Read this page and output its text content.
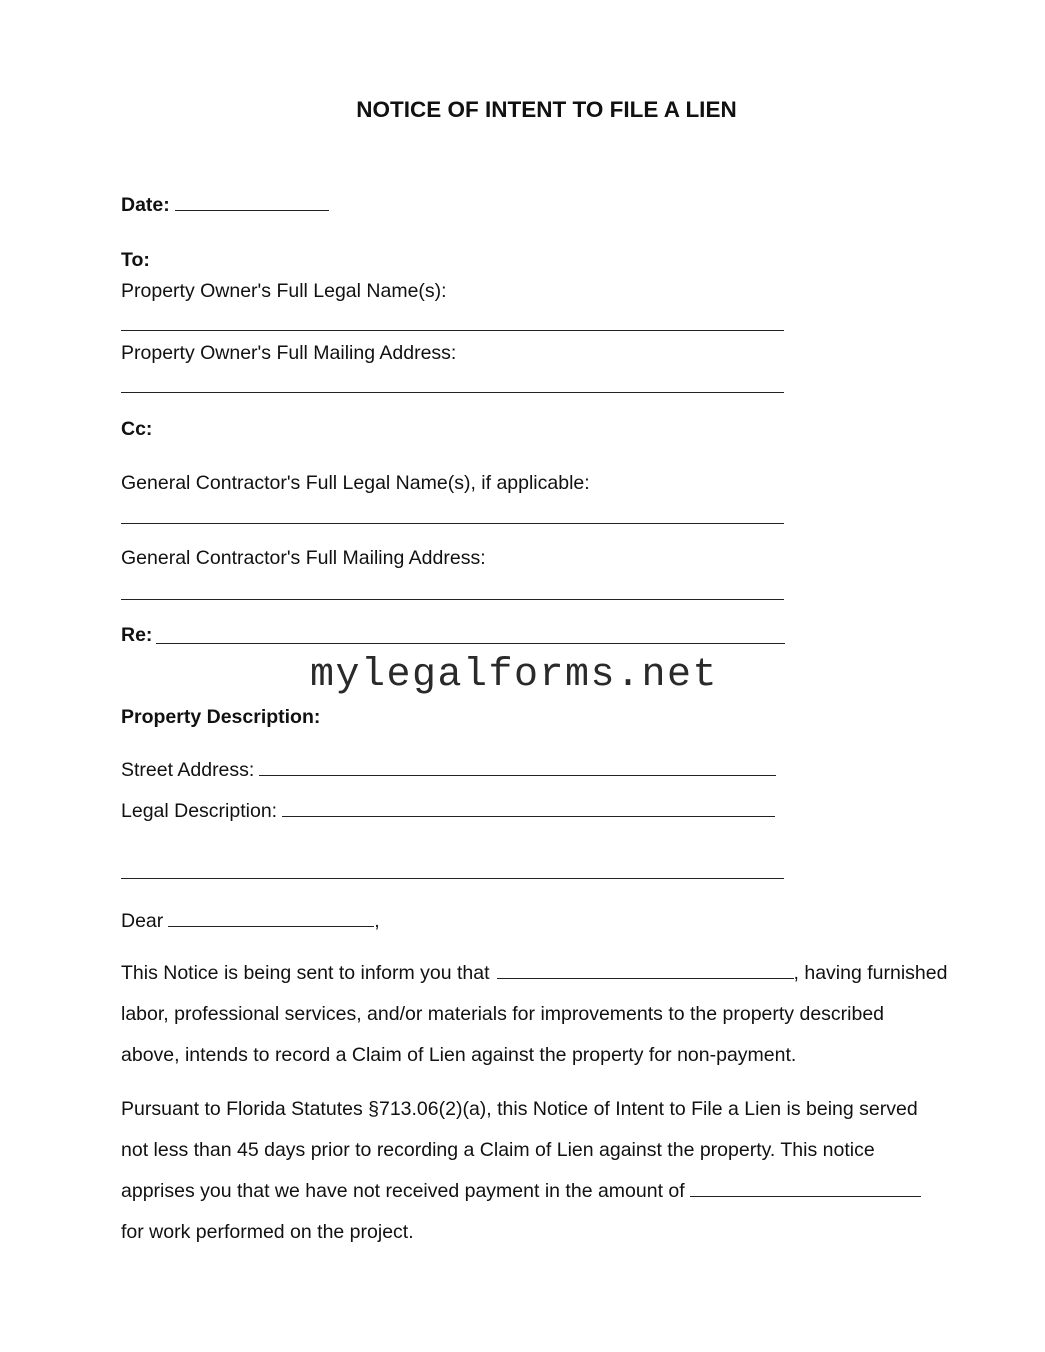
NOTICE OF INTENT TO FILE A LIEN
Date:
To:
Property Owner's Full Legal Name(s):
Property Owner's Full Mailing Address:
Cc:
General Contractor's Full Legal Name(s), if applicable:
General Contractor's Full Mailing Address:
Re:
mylegalforms.net
Property Description:
Street Address:
Legal Description:
Dear	,
This Notice is being sent to inform you that	, having furnished
labor, professional services, and/or materials for improvements to the property described
above, intends to record a Claim of Lien against the property for non-payment.
Pursuant to Florida Statutes §713.06(2)(a), this Notice of Intent to File a Lien is being served
not less than 45 days prior to recording a Claim of Lien against the property. This notice
apprises you that we have not received payment in the amount of
for work performed on the project.
